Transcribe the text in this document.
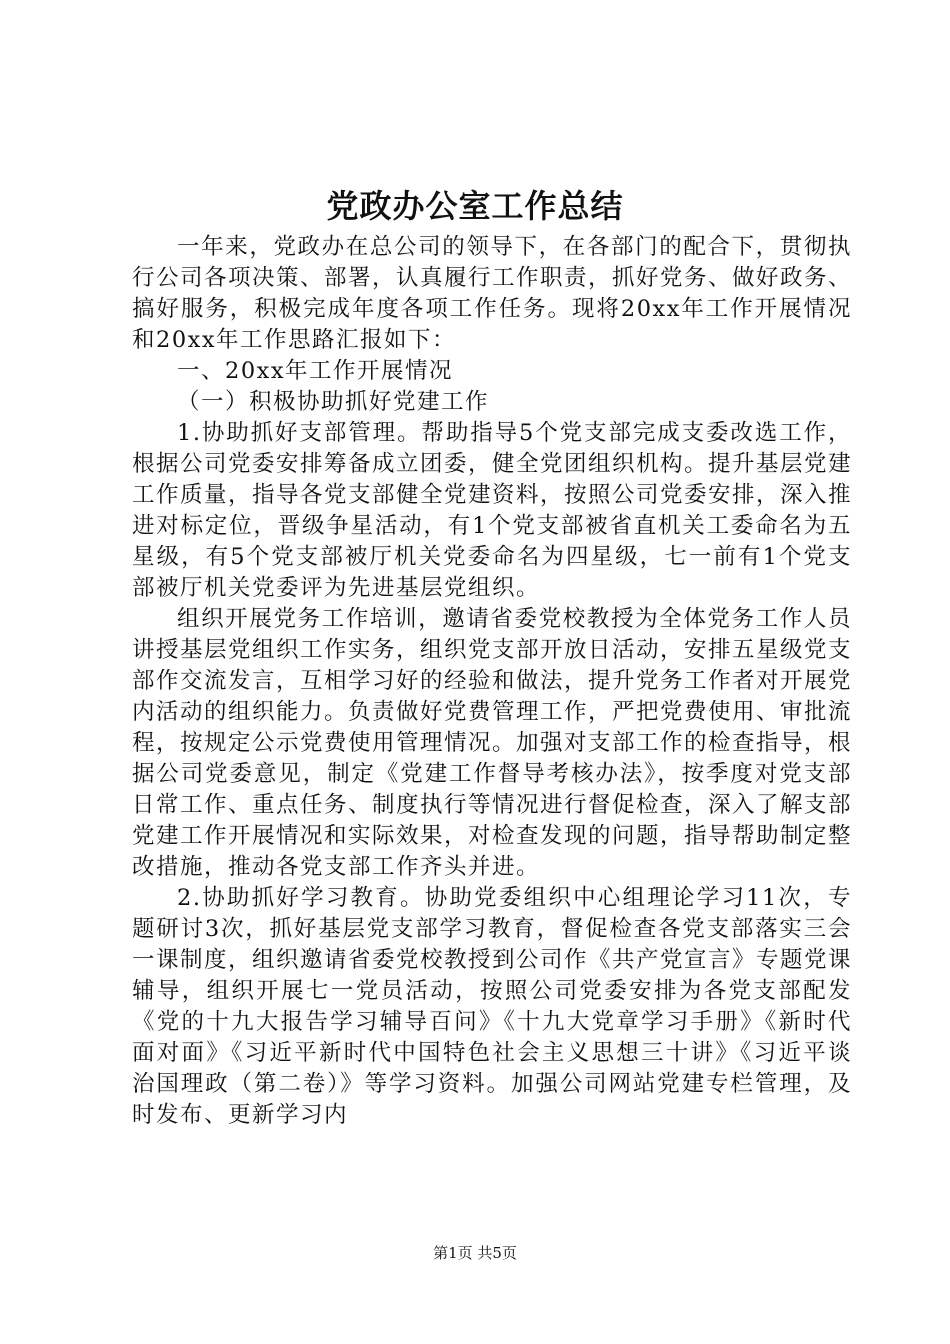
党政办公室工作总结

一年来，党政办在总公司的领导下，在各部门的配合下，贯彻执行公司各项决策、部署，认真履行工作职责，抓好党务、做好政务、搞好服务，积极完成年度各项工作任务。现将20xx年工作开展情况和20xx年工作思路汇报如下：

一、20xx年工作开展情况

（一）积极协助抓好党建工作

1.协助抓好支部管理。帮助指导5个党支部完成支委改选工作，根据公司党委安排筹备成立团委，健全党团组织机构。提升基层党建工作质量，指导各党支部健全党建资料，按照公司党委安排，深入推进对标定位，晋级争星活动，有1个党支部被省直机关工委命名为五星级，有5个党支部被厅机关党委命名为四星级，七一前有1个党支部被厅机关党委评为先进基层党组织。

组织开展党务工作培训，邀请省委党校教授为全体党务工作人员讲授基层党组织工作实务，组织党支部开放日活动，安排五星级党支部作交流发言，互相学习好的经验和做法，提升党务工作者对开展党内活动的组织能力。负责做好党费管理工作，严把党费使用、审批流程，按规定公示党费使用管理情况。加强对支部工作的检查指导，根据公司党委意见，制定《党建工作督导考核办法》，按季度对党支部日常工作、重点任务、制度执行等情况进行督促检查，深入了解支部党建工作开展情况和实际效果，对检查发现的问题，指导帮助制定整改措施，推动各党支部工作齐头并进。

2.协助抓好学习教育。协助党委组织中心组理论学习11次，专题研讨3次，抓好基层党支部学习教育，督促检查各党支部落实三会一课制度，组织邀请省委党校教授到公司作《共产党宣言》专题党课辅导，组织开展七一党员活动，按照公司党委安排为各党支部配发《党的十九大报告学习辅导百问》《十九大党章学习手册》《新时代面对面》《习近平新时代中国特色社会主义思想三十讲》《习近平谈治国理政（第二卷）》等学习资料。加强公司网站党建专栏管理，及时发布、更新学习内

第1页 共5页
